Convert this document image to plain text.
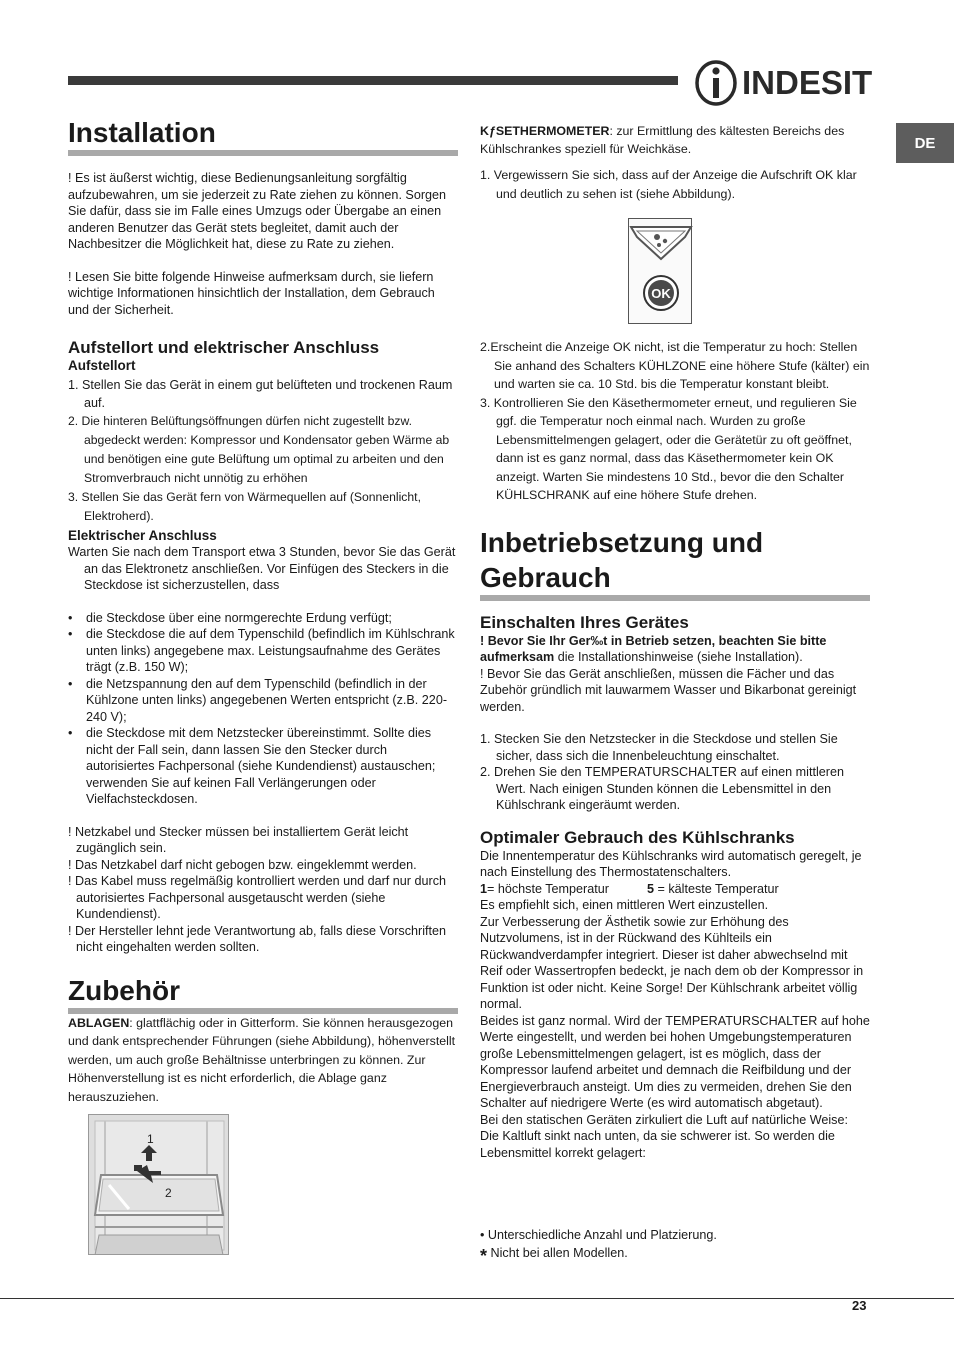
INDESIT
DE
Installation

! Es ist äußerst wichtig, diese Bedienungsanleitung sorgfältig aufzubewahren, um sie jederzeit zu Rate ziehen zu können. Sorgen Sie dafür, dass sie im Falle eines Umzugs oder Übergabe an einen anderen Benutzer das Gerät stets begleitet, damit auch der Nachbesitzer die Möglichkeit hat, diese zu Rate zu ziehen.

! Lesen Sie bitte folgende Hinweise aufmerksam durch, sie liefern wichtige Informationen hinsichtlich der Installation, dem Gebrauch und der Sicherheit.

Aufstellort und elektrischer Anschluss
Aufstellort
1. Stellen Sie das Gerät in einem gut belüfteten und trockenen Raum auf.
2. Die hinteren Belüftungsöffnungen dürfen nicht zugestellt bzw. abgedeckt werden: Kompressor und Kondensator geben Wärme ab und benötigen eine gute Belüftung um optimal zu arbeiten und den Stromverbrauch nicht unnötig zu erhöhen
3. Stellen Sie das Gerät fern von Wärmequellen auf (Sonnenlicht, Elektroherd).
Elektrischer Anschluss

Warten Sie nach dem Transport etwa 3 Stunden, bevor Sie das Gerät an das Elektronetz anschließen. Vor Einfügen des Steckers in die Steckdose ist sicherzustellen, dass

• die Steckdose über eine normgerechte Erdung verfügt;
• die Steckdose die auf dem Typenschild (befindlich im Kühlschrank unten links) angegebene max. Leistungsaufnahme des Gerätes trägt (z.B. 150 W);
• die Netzspannung den auf dem Typenschild (befindlich in der Kühlzone unten links) angegebenen Werten entspricht (z.B. 220-240 V);
• die Steckdose mit dem Netzstecker übereinstimmt. Sollte dies nicht der Fall sein, dann lassen Sie den Stecker durch autorisiertes Fachpersonal (siehe Kundendienst) austauschen; verwenden Sie auf keinen Fall Verlängerungen oder Vielfachsteckdosen.

! Netzkabel und Stecker müssen bei installiertem Gerät leicht zugänglich sein.

! Das Netzkabel darf nicht gebogen bzw. eingeklemmt werden.

! Das Kabel muss regelmäßig kontrolliert werden und darf nur durch autorisiertes Fachpersonal ausgetauscht werden (siehe Kundendienst).

! Der Hersteller lehnt jede Verantwortung ab, falls diese Vorschriften nicht eingehalten werden sollten.

Zubehör

ABLAGEN: glattflächig oder in Gitterform. Sie können herausgezogen und dank entsprechender Führungen (siehe Abbildung), höhenverstellt werden, um auch große Behältnisse unterbringen zu können. Zur Höhenverstellung ist es nicht erforderlich, die Ablage ganz herauszuziehen.

1
2

KƒSETHERMOMETER: zur Ermittlung des kältesten Bereichs des Kühlschrankes speziell für Weichkäse.

1. Vergewissern Sie sich, dass auf der Anzeige die Aufschrift OK klar und deutlich zu sehen ist (siehe Abbildung).
OK

2.Erscheint die Anzeige OK nicht, ist die Temperatur zu hoch: Stellen Sie anhand des Schalters KÜHLZONE eine höhere Stufe (kälter) ein und warten sie ca. 10 Std. bis die Temperatur konstant bleibt.

3. Kontrollieren Sie den Käsethermometer erneut, und regulieren Sie ggf. die Temperatur noch einmal nach. Wurden zu große Lebensmittelmengen gelagert, oder die Gerätetür zu oft geöffnet, dann ist es ganz normal, dass das Käsethermometer kein OK anzeigt. Warten Sie mindestens 10 Std., bevor die den Schalter KÜHLSCHRANK auf eine höhere Stufe drehen.
Inbetriebsetzung und
Gebrauch
Einschalten Ihres Gerätes

! Bevor Sie Ihr Ger‰t in Betrieb setzen, beachten Sie bitte aufmerksam die Installationshinweise (siehe Installation).

! Bevor Sie das Gerät anschließen, müssen die Fächer und das Zubehör gründlich mit lauwarmem Wasser und Bikarbonat gereinigt werden.

1. Stecken Sie den Netzstecker in die Steckdose und stellen Sie sicher, dass sich die Innenbeleuchtung einschaltet.
2. Drehen Sie den TEMPERATURSCHALTER auf einen mittleren Wert. Nach einigen Stunden können die Lebensmittel in den Kühlschrank eingeräumt werden.
Optimaler Gebrauch des Kühlschranks

Die Innentemperatur des Kühlschranks wird automatisch geregelt, je nach Einstellung des Thermostatenschalters.

1= höchste Temperatur	5 = kälteste Temperatur

Es empfiehlt sich, einen mittleren Wert einzustellen.

Zur Verbesserung der Ästhetik sowie zur Erhöhung des Nutzvolumens, ist in der Rückwand des Kühlteils ein Rückwandverdampfer integriert. Dieser ist daher abwechselnd mit Reif oder Wassertropfen bedeckt, je nach dem ob der Kompressor in Funktion ist oder nicht. Keine Sorge! Der Kühlschrank arbeitet völlig normal.

Beides ist ganz normal. Wird der TEMPERATURSCHALTER auf hohe Werte eingestellt, und werden bei hohen Umgebungstemperaturen große Lebensmittelmengen gelagert, ist es möglich, dass der Kompressor laufend arbeitet und demnach die Reifbildung und der Energieverbrauch ansteigt. Um dies zu vermeiden, drehen Sie den Schalter auf niedrigere Werte (es wird automatisch abgetaut).

Bei den statischen Geräten zirkuliert die Luft auf natürliche Weise: Die Kaltluft sinkt nach unten, da sie schwerer ist. So werden die Lebensmittel korrekt gelagert:

• Unterschiedliche Anzahl und Platzierung.

* Nicht bei allen Modellen.

23
